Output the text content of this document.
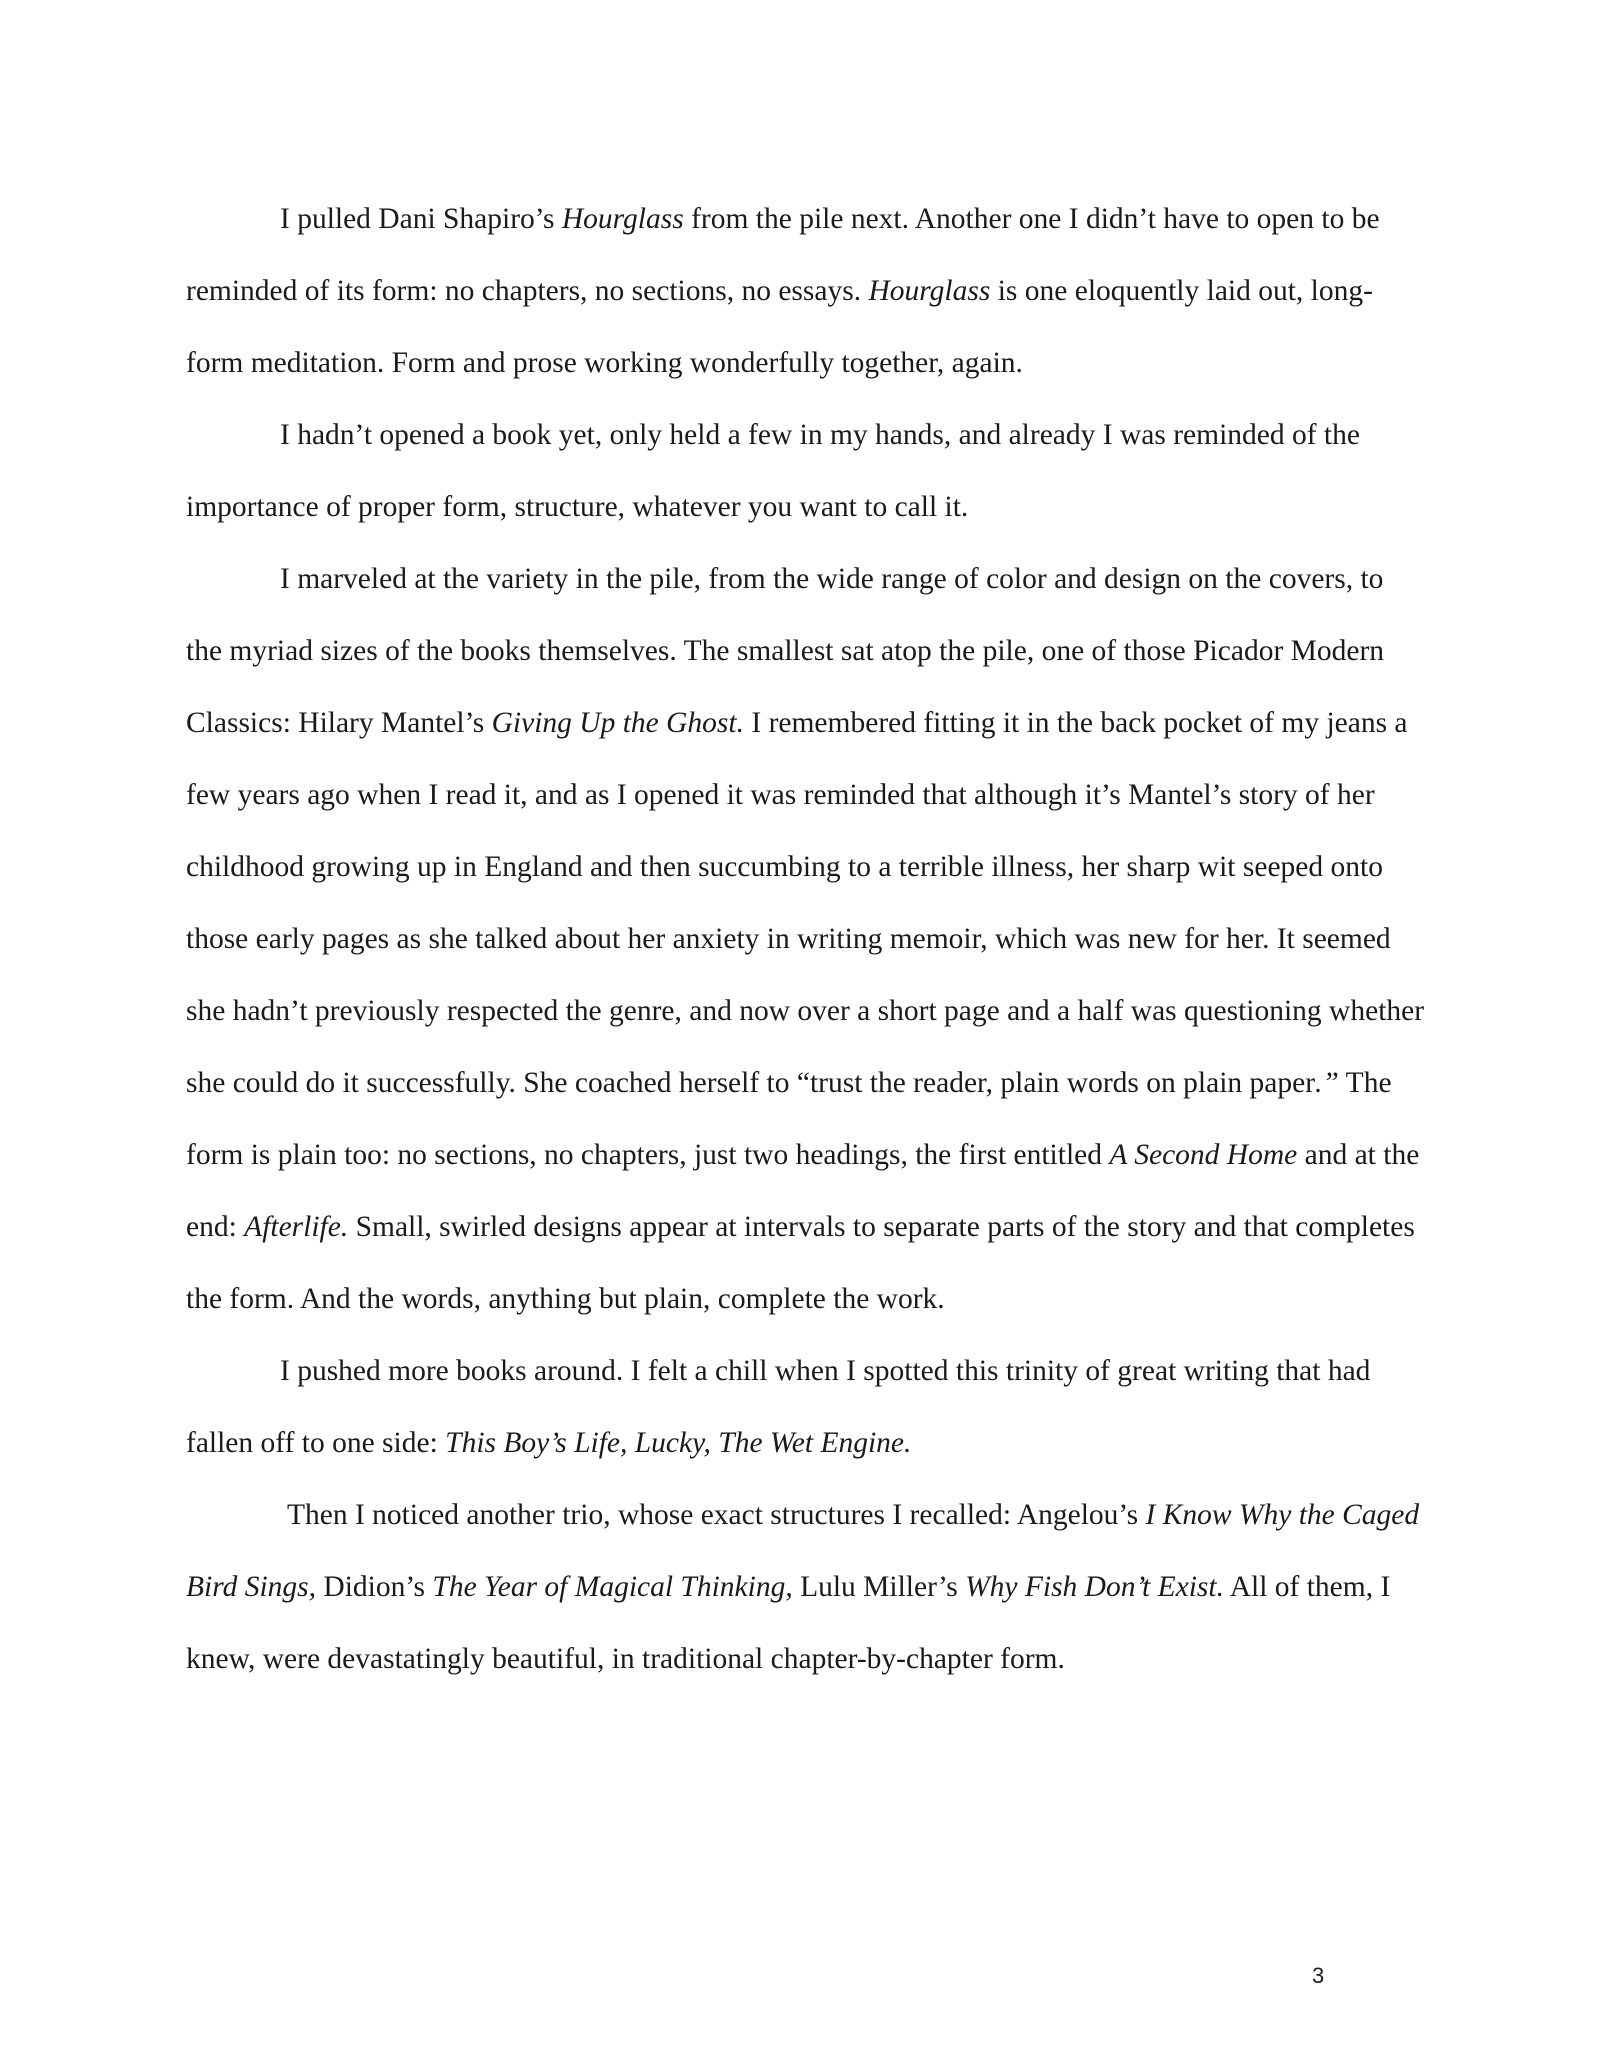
I pulled Dani Shapiro’s Hourglass from the pile next. Another one I didn’t have to open to be reminded of its form: no chapters, no sections, no essays. Hourglass is one eloquently laid out, long-form meditation. Form and prose working wonderfully together, again.

I hadn’t opened a book yet, only held a few in my hands, and already I was reminded of the importance of proper form, structure, whatever you want to call it.

I marveled at the variety in the pile, from the wide range of color and design on the covers, to the myriad sizes of the books themselves. The smallest sat atop the pile, one of those Picador Modern Classics: Hilary Mantel’s Giving Up the Ghost. I remembered fitting it in the back pocket of my jeans a few years ago when I read it, and as I opened it was reminded that although it’s Mantel’s story of her childhood growing up in England and then succumbing to a terrible illness, her sharp wit seeped onto those early pages as she talked about her anxiety in writing memoir, which was new for her. It seemed she hadn’t previously respected the genre, and now over a short page and a half was questioning whether she could do it successfully. She coached herself to “trust the reader, plain words on plain paper.” The form is plain too: no sections, no chapters, just two headings, the first entitled A Second Home and at the end: Afterlife. Small, swirled designs appear at intervals to separate parts of the story and that completes the form. And the words, anything but plain, complete the work.

I pushed more books around. I felt a chill when I spotted this trinity of great writing that had fallen off to one side: This Boy’s Life, Lucky, The Wet Engine.

Then I noticed another trio, whose exact structures I recalled: Angelou’s I Know Why the Caged Bird Sings, Didion’s The Year of Magical Thinking, Lulu Miller’s Why Fish Don’t Exist. All of them, I knew, were devastatingly beautiful, in traditional chapter-by-chapter form.

3
